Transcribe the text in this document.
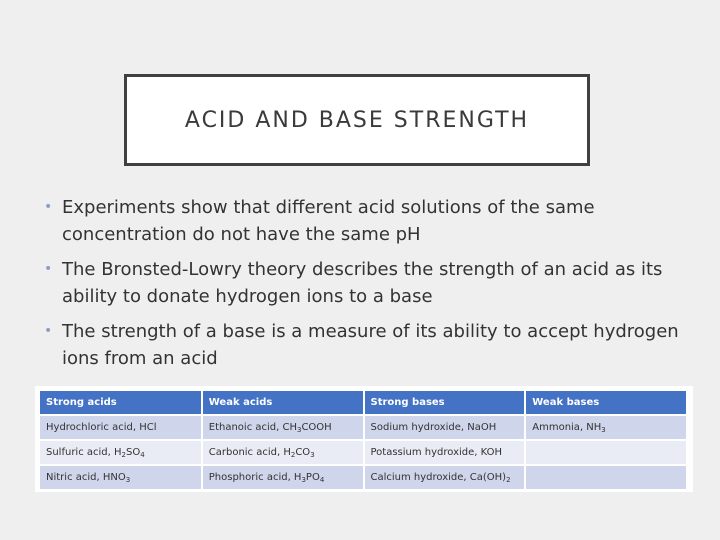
ACID AND BASE STRENGTH
• Experiments show that different acid solutions of the same concentration do not have the same pH
• The Bronsted-Lowry theory describes the strength of an acid as its ability to donate hydrogen ions to a base
• The strength of a base is a measure of its ability to accept hydrogen ions from an acid
Strong acids	Weak acids	Strong bases	Weak bases
Hydrochloric acid, HCl	Ethanoic acid, $CH_3COOH$	Sodium hydroxide, NaOH	Ammonia, $NH_3$
Sulfuric acid, $H_2SO_4$	Carbonic acid, $H_2CO_3$	Potassium hydroxide, KOH	
Nitric acid, $HNO_3$	Phosphoric acid, $H_3PO_4$	Calcium hydroxide, $Ca(OH)_2$	
